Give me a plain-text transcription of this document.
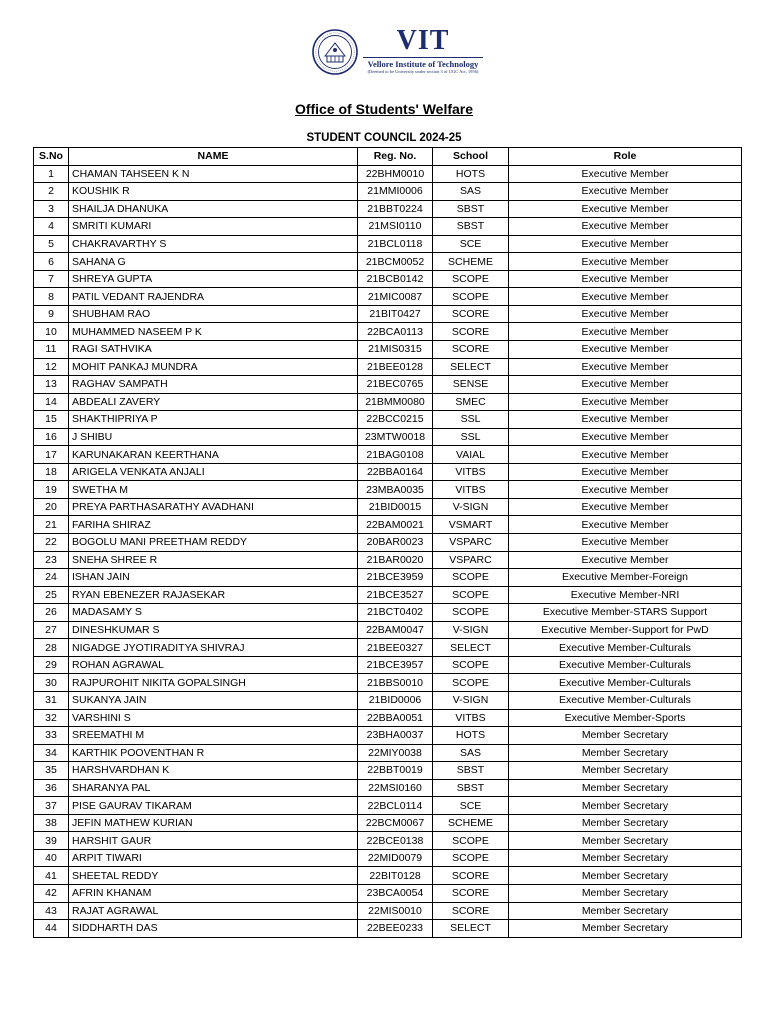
VIT
Vellore Institute of Technology
(Deemed to be University under section 3 of UGC Act, 1956)
Office of Students' Welfare
STUDENT COUNCIL 2024-25
S.No	NAME	Reg. No.	School	Role
1	CHAMAN TAHSEEN K N	22BHM0010	HOTS	Executive Member
2	KOUSHIK R	21MMI0006	SAS	Executive Member
3	SHAILJA DHANUKA	21BBT0224	SBST	Executive Member
4	SMRITI KUMARI	21MSI0110	SBST	Executive Member
5	CHAKRAVARTHY S	21BCL0118	SCE	Executive Member
6	SAHANA G	21BCM0052	SCHEME	Executive Member
7	SHREYA GUPTA	21BCB0142	SCOPE	Executive Member
8	PATIL VEDANT RAJENDRA	21MIC0087	SCOPE	Executive Member
9	SHUBHAM RAO	21BIT0427	SCORE	Executive Member
10	MUHAMMED NASEEM P K	22BCA0113	SCORE	Executive Member
11	RAGI SATHVIKA	21MIS0315	SCORE	Executive Member
12	MOHIT PANKAJ MUNDRA	21BEE0128	SELECT	Executive Member
13	RAGHAV SAMPATH	21BEC0765	SENSE	Executive Member
14	ABDEALI ZAVERY	21BMM0080	SMEC	Executive Member
15	SHAKTHIPRIYA P	22BCC0215	SSL	Executive Member
16	J SHIBU	23MTW0018	SSL	Executive Member
17	KARUNAKARAN KEERTHANA	21BAG0108	VAIAL	Executive Member
18	ARIGELA VENKATA ANJALI	22BBA0164	VITBS	Executive Member
19	SWETHA M	23MBA0035	VITBS	Executive Member
20	PREYA PARTHASARATHY AVADHANI	21BID0015	V-SIGN	Executive Member
21	FARIHA SHIRAZ	22BAM0021	VSMART	Executive Member
22	BOGOLU MANI PREETHAM REDDY	20BAR0023	VSPARC	Executive Member
23	SNEHA SHREE R	21BAR0020	VSPARC	Executive Member
24	ISHAN JAIN	21BCE3959	SCOPE	Executive Member-Foreign
25	RYAN EBENEZER RAJASEKAR	21BCE3527	SCOPE	Executive Member-NRI
26	MADASAMY S	21BCT0402	SCOPE	Executive Member-STARS Support
27	DINESHKUMAR S	22BAM0047	V-SIGN	Executive Member-Support for PwD
28	NIGADGE JYOTIRADITYA SHIVRAJ	21BEE0327	SELECT	Executive Member-Culturals
29	ROHAN AGRAWAL	21BCE3957	SCOPE	Executive Member-Culturals
30	RAJPUROHIT NIKITA GOPALSINGH	21BBS0010	SCOPE	Executive Member-Culturals
31	SUKANYA JAIN	21BID0006	V-SIGN	Executive Member-Culturals
32	VARSHINI S	22BBA0051	VITBS	Executive Member-Sports
33	SREEMATHI M	23BHA0037	HOTS	Member Secretary
34	KARTHIK POOVENTHAN R	22MIY0038	SAS	Member Secretary
35	HARSHVARDHAN K	22BBT0019	SBST	Member Secretary
36	SHARANYA PAL	22MSI0160	SBST	Member Secretary
37	PISE GAURAV TIKARAM	22BCL0114	SCE	Member Secretary
38	JEFIN MATHEW KURIAN	22BCM0067	SCHEME	Member Secretary
39	HARSHIT GAUR	22BCE0138	SCOPE	Member Secretary
40	ARPIT TIWARI	22MID0079	SCOPE	Member Secretary
41	SHEETAL REDDY	22BIT0128	SCORE	Member Secretary
42	AFRIN KHANAM	23BCA0054	SCORE	Member Secretary
43	RAJAT AGRAWAL	22MIS0010	SCORE	Member Secretary
44	SIDDHARTH DAS	22BEE0233	SELECT	Member Secretary
